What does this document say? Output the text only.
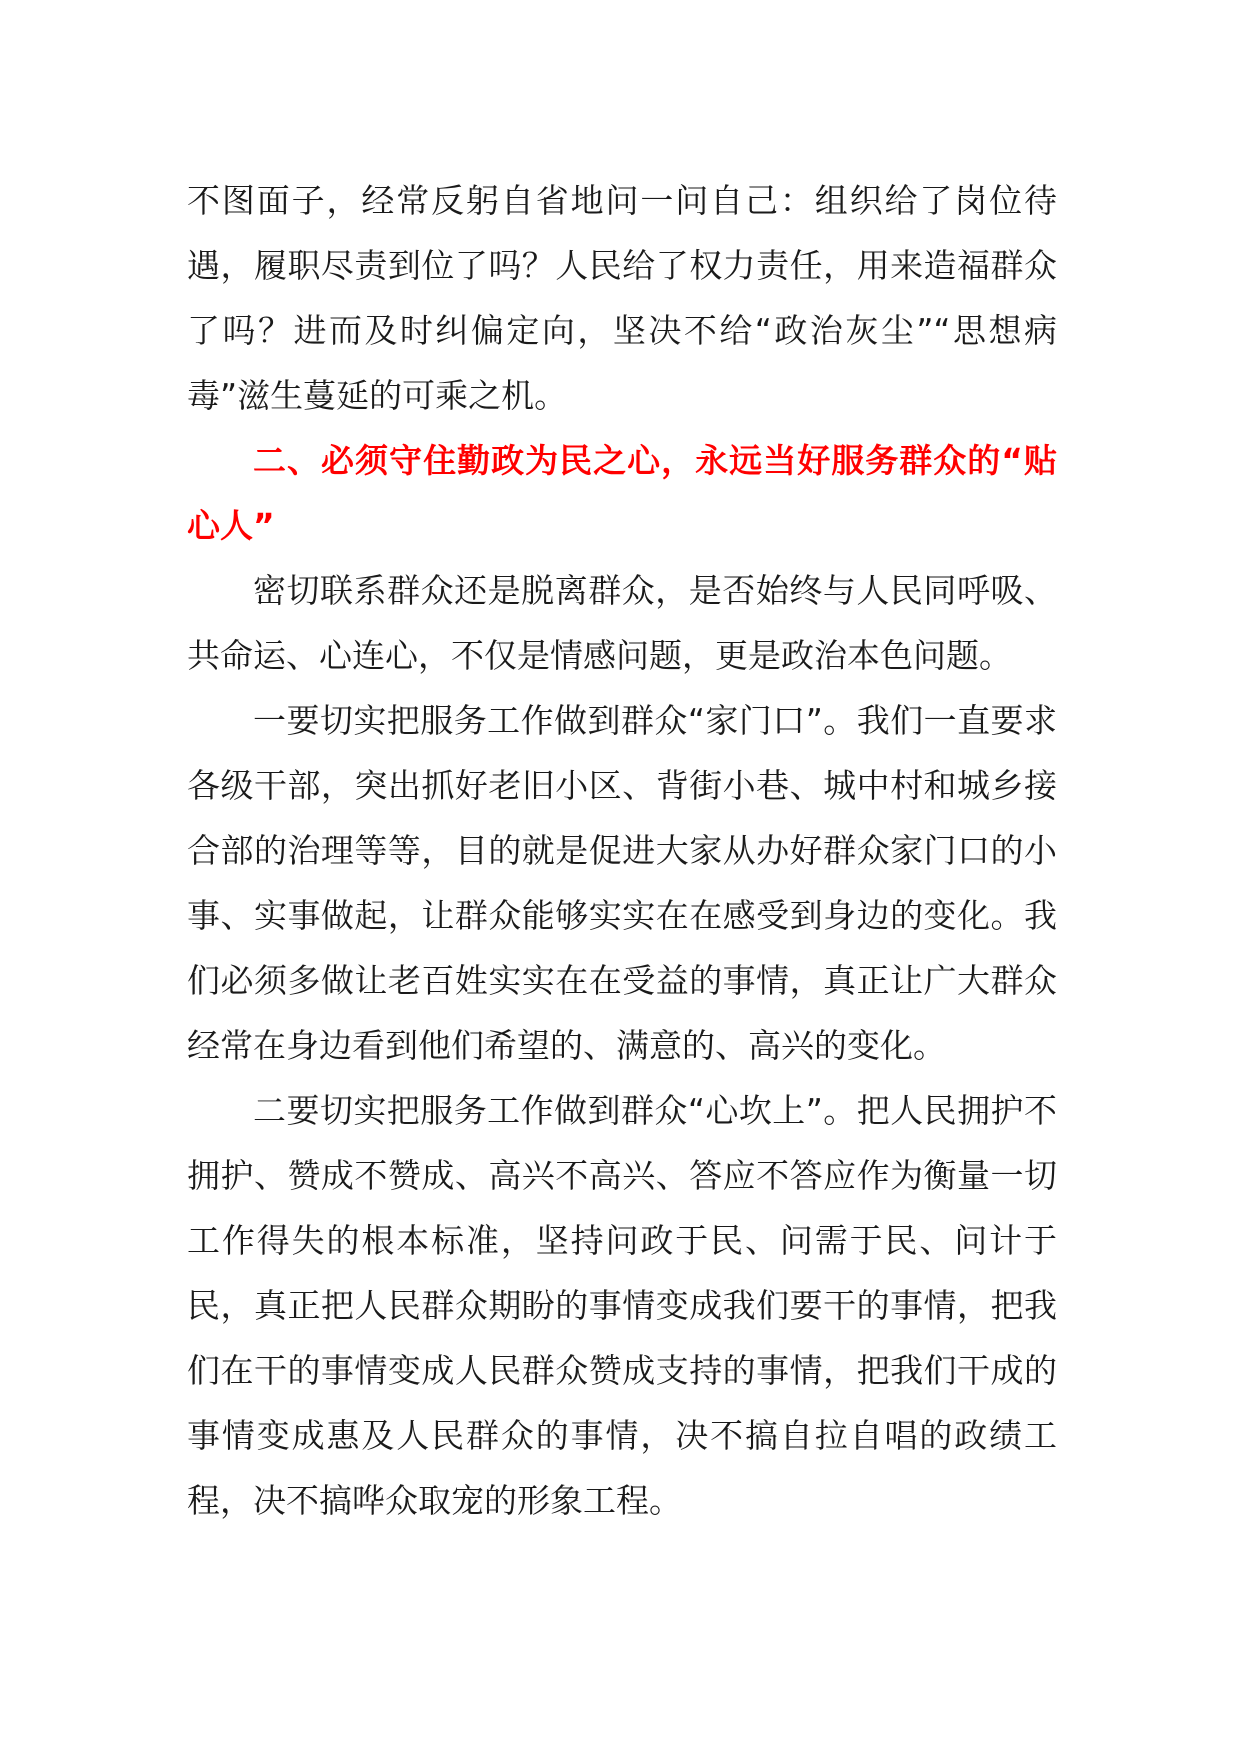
不图面子，经常反躬自省地问一问自己：组织给了岗位待遇，履职尽责到位了吗？人民给了权力责任，用来造福群众了吗？进而及时纠偏定向，坚决不给“政治灰尘”“思想病毒”滋生蔓延的可乘之机。

二、必须守住勤政为民之心，永远当好服务群众的“贴心人”

密切联系群众还是脱离群众，是否始终与人民同呼吸、共命运、心连心，不仅是情感问题，更是政治本色问题。

一要切实把服务工作做到群众“家门口”。我们一直要求各级干部，突出抓好老旧小区、背街小巷、城中村和城乡接合部的治理等等，目的就是促进大家从办好群众家门口的小事、实事做起，让群众能够实实在在感受到身边的变化。我们必须多做让老百姓实实在在受益的事情，真正让广大群众经常在身边看到他们希望的、满意的、高兴的变化。

二要切实把服务工作做到群众“心坎上”。把人民拥护不拥护、赞成不赞成、高兴不高兴、答应不答应作为衡量一切工作得失的根本标准，坚持问政于民、问需于民、问计于民，真正把人民群众期盼的事情变成我们要干的事情，把我们在干的事情变成人民群众赞成支持的事情，把我们干成的事情变成惠及人民群众的事情，决不搞自拉自唱的政绩工程，决不搞哗众取宠的形象工程。
